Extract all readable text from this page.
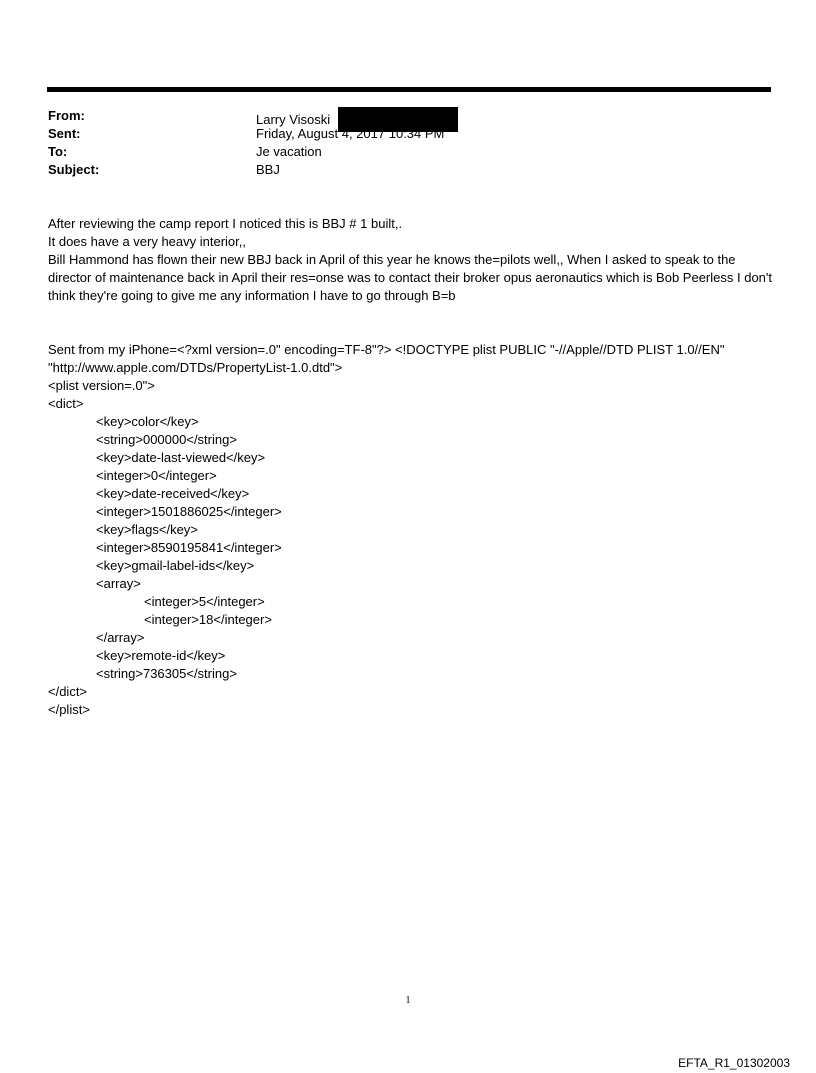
From:	Larry Visoski
Sent:	Friday, August 4, 2017 10:34 PM
To:	Je vacation
Subject:	BBJ

After reviewing the camp report I noticed this is BBJ # 1 built,.

It does have a very heavy interior,,

Bill Hammond has flown their new BBJ back in April of this year he knows the=pilots well,, When I asked to speak to the director of maintenance back in April their res=onse was to contact their broker opus aeronautics which is Bob Peerless I don't think they're going to give me any information I have to go through B=b

Sent from my iPhone=<?xml version=.0" encoding=TF-8"?> <!DOCTYPE plist PUBLIC "-//Apple//DTD PLIST 1.0//EN"
"http://www.apple.com/DTDs/PropertyList-1.0.dtd">
<plist version=.0">
<dict>
<key>color</key>
<string>000000</string>
<key>date-last-viewed</key>
<integer>0</integer>
<key>date-received</key>
<integer>1501886025</integer>
<key>flags</key>
<integer>8590195841</integer>
<key>gmail-label-ids</key>
<array>
<integer>5</integer>
<integer>18</integer>
</array>
<key>remote-id</key>
<string>736305</string>
</dict>
</plist>
1
EFTA_R1_01302003
